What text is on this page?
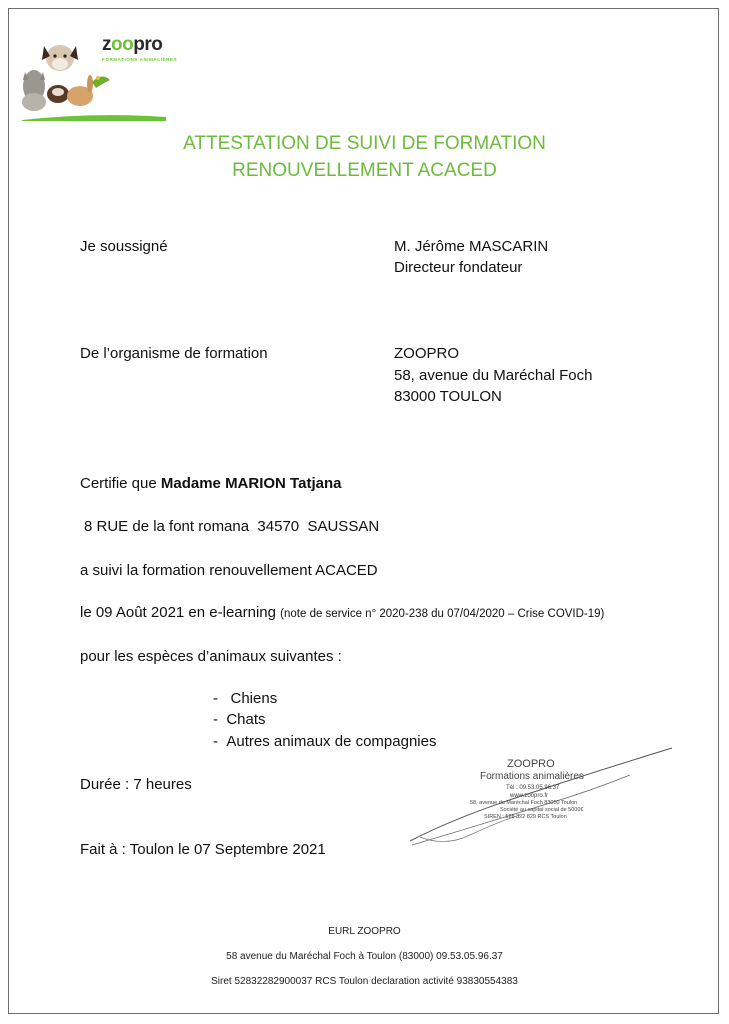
zoopro
FORMATIONS ANIMALIÈRES
ATTESTATION DE SUIVI DE FORMATION
RENOUVELLEMENT ACACED
Je soussigné	M. Jérôme MASCARIN
Directeur fondateur
De l’organisme de formation	ZOOPRO
58, avenue du Maréchal Foch
83000 TOULON
Certifie que Madame MARION Tatjana
8 RUE de la font romana  34570  SAUSSAN
a suivi la formation renouvellement ACACED
le 09 Août 2021 en e-learning (note de service n° 2020-238 du 07/04/2020 – Crise COVID-19)
pour les espèces d’animaux suivantes :
-   Chiens
-  Chats
-  Autres animaux de compagnies
Durée : 7 heures
Fait à : Toulon le 07 Septembre 2021
ZOOPRO
Formations animalières
Tél : 09.53.05.96.37
www.zoopro.fr
58, avenue du Maréchal Foch 83000 Toulon
Société au capital social de 5000€
SIREN : 528 322 829 RCS Toulon
EURL ZOOPRO
58 avenue du Maréchal Foch à Toulon (83000) 09.53.05.96.37
Siret 52832282900037 RCS Toulon declaration activité 93830554383
